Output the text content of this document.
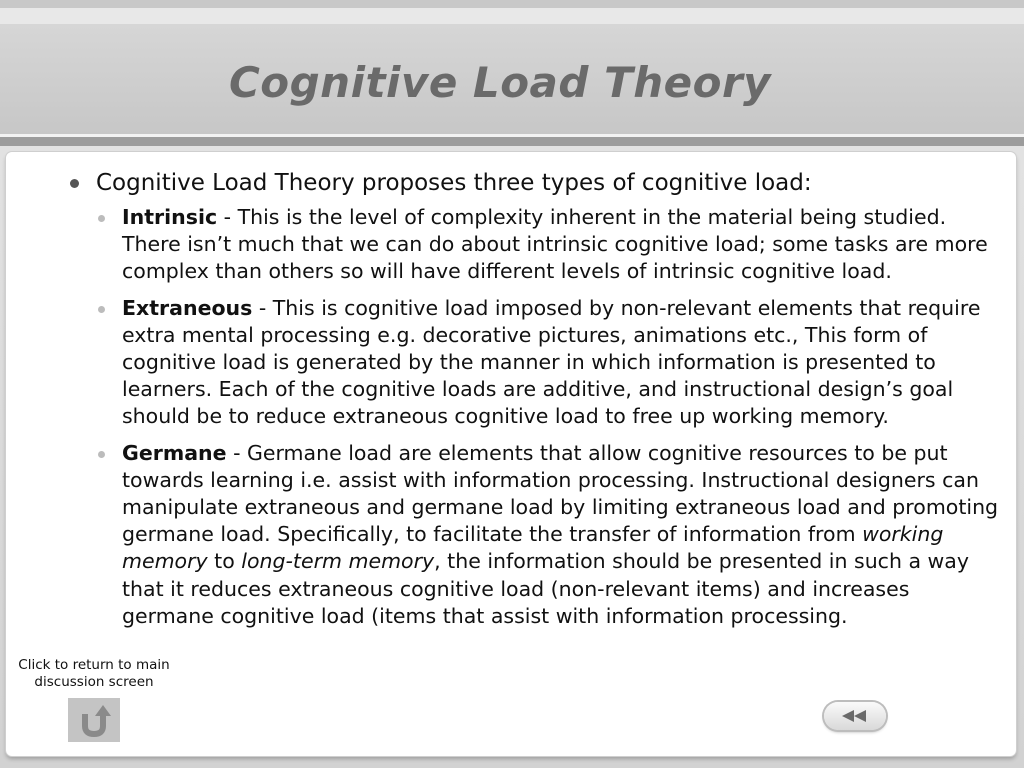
Cognitive Load Theory
Cognitive Load Theory proposes three types of cognitive load:
Intrinsic - This is the level of complexity inherent in the material being studied. There isn’t much that we can do about intrinsic cognitive load; some tasks are more complex than others so will have different levels of intrinsic cognitive load.
Extraneous - This is cognitive load imposed by non-relevant elements that require extra mental processing e.g. decorative pictures, animations etc., This form of cognitive load is generated by the manner in which information is presented to learners. Each of the cognitive loads are additive, and instructional design’s goal should be to reduce extraneous cognitive load to free up working memory.
Germane - Germane load are elements that allow cognitive resources to be put towards learning i.e. assist with information processing. Instructional designers can manipulate extraneous and germane load by limiting extraneous load and promoting germane load. Specifically, to facilitate the transfer of information from working memory to long-term memory, the information should be presented in such a way that it reduces extraneous cognitive load (non-relevant items) and increases germane cognitive load (items that assist with information processing.
Click to return to main discussion screen
